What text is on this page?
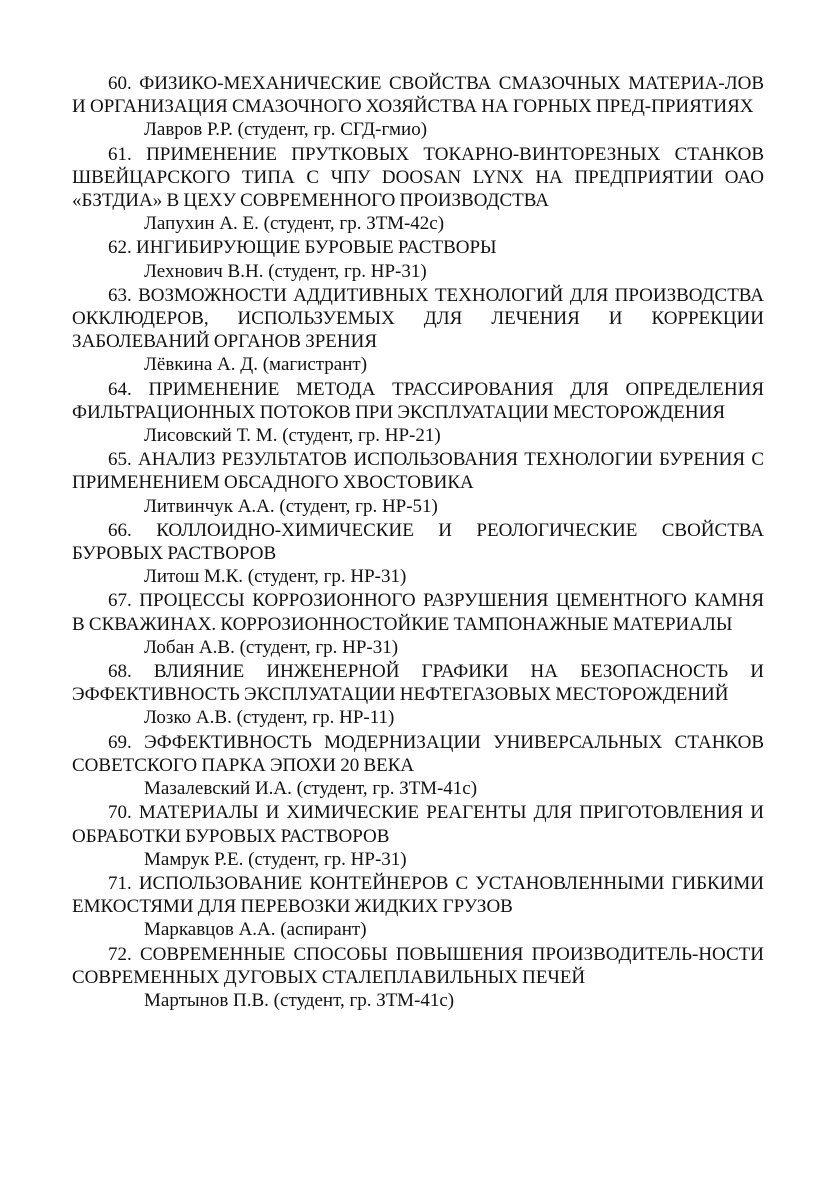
60. ФИЗИКО-МЕХАНИЧЕСКИЕ СВОЙСТВА СМАЗОЧНЫХ МАТЕРИА-ЛОВ И ОРГАНИЗАЦИЯ СМАЗОЧНОГО ХОЗЯЙСТВА НА ГОРНЫХ ПРЕД-ПРИЯТИЯХ

Лавров Р.Р. (студент, гр. СГД-гмио)

61. ПРИМЕНЕНИЕ ПРУТКОВЫХ ТОКАРНО-ВИНТОРЕЗНЫХ СТАНКОВ ШВЕЙЦАРСКОГО ТИПА С ЧПУ DOOSAN LYNX НА ПРЕДПРИЯТИИ ОАО «БЗТДИА» В ЦЕХУ СОВРЕМЕННОГО ПРОИЗВОДСТВА

Лапухин А. Е. (студент, гр. ЗТМ-42с)

62. ИНГИБИРУЮЩИЕ БУРОВЫЕ РАСТВОРЫ

Лехнович В.Н. (студент, гр. НР-31)

63. ВОЗМОЖНОСТИ АДДИТИВНЫХ ТЕХНОЛОГИЙ ДЛЯ ПРОИЗВОДСТВА ОККЛЮДЕРОВ, ИСПОЛЬЗУЕМЫХ ДЛЯ ЛЕЧЕНИЯ И КОРРЕКЦИИ ЗАБОЛЕВАНИЙ ОРГАНОВ ЗРЕНИЯ

Лёвкина А. Д. (магистрант)

64. ПРИМЕНЕНИЕ МЕТОДА ТРАССИРОВАНИЯ ДЛЯ ОПРЕДЕЛЕНИЯ ФИЛЬТРАЦИОННЫХ ПОТОКОВ ПРИ ЭКСПЛУАТАЦИИ МЕСТОРОЖДЕНИЯ

Лисовский Т. М. (студент, гр. НР-21)

65. АНАЛИЗ РЕЗУЛЬТАТОВ ИСПОЛЬЗОВАНИЯ ТЕХНОЛОГИИ БУРЕНИЯ С ПРИМЕНЕНИЕМ ОБСАДНОГО ХВОСТОВИКА

Литвинчук А.А. (студент, гр. НР-51)

66. КОЛЛОИДНО-ХИМИЧЕСКИЕ И РЕОЛОГИЧЕСКИЕ СВОЙСТВА БУРОВЫХ РАСТВОРОВ

Литош М.К. (студент, гр. НР-31)

67. ПРОЦЕССЫ КОРРОЗИОННОГО РАЗРУШЕНИЯ ЦЕМЕНТНОГО КАМНЯ В СКВАЖИНАХ. КОРРОЗИОННОСТОЙКИЕ ТАМПОНАЖНЫЕ МАТЕРИАЛЫ

Лобан А.В. (студент, гр. НР-31)

68. ВЛИЯНИЕ ИНЖЕНЕРНОЙ ГРАФИКИ НА БЕЗОПАСНОСТЬ И ЭФФЕКТИВНОСТЬ ЭКСПЛУАТАЦИИ НЕФТЕГАЗОВЫХ МЕСТОРОЖДЕНИЙ

Лозко А.В. (студент, гр. НР-11)

69. ЭФФЕКТИВНОСТЬ МОДЕРНИЗАЦИИ УНИВЕРСАЛЬНЫХ СТАНКОВ СОВЕТСКОГО ПАРКА ЭПОХИ 20 ВЕКА

Мазалевский И.А. (студент, гр. ЗТМ-41с)

70. МАТЕРИАЛЫ И ХИМИЧЕСКИЕ РЕАГЕНТЫ ДЛЯ ПРИГОТОВЛЕНИЯ И ОБРАБОТКИ БУРОВЫХ РАСТВОРОВ

Мамрук Р.Е. (студент, гр. НР-31)

71. ИСПОЛЬЗОВАНИЕ КОНТЕЙНЕРОВ С УСТАНОВЛЕННЫМИ ГИБКИМИ ЕМКОСТЯМИ ДЛЯ ПЕРЕВОЗКИ ЖИДКИХ ГРУЗОВ

Маркавцов А.А. (аспирант)

72. СОВРЕМЕННЫЕ СПОСОБЫ ПОВЫШЕНИЯ ПРОИЗВОДИТЕЛЬ-НОСТИ СОВРЕМЕННЫХ ДУГОВЫХ СТАЛЕПЛАВИЛЬНЫХ ПЕЧЕЙ

Мартынов П.В. (студент, гр. ЗТМ-41с)
